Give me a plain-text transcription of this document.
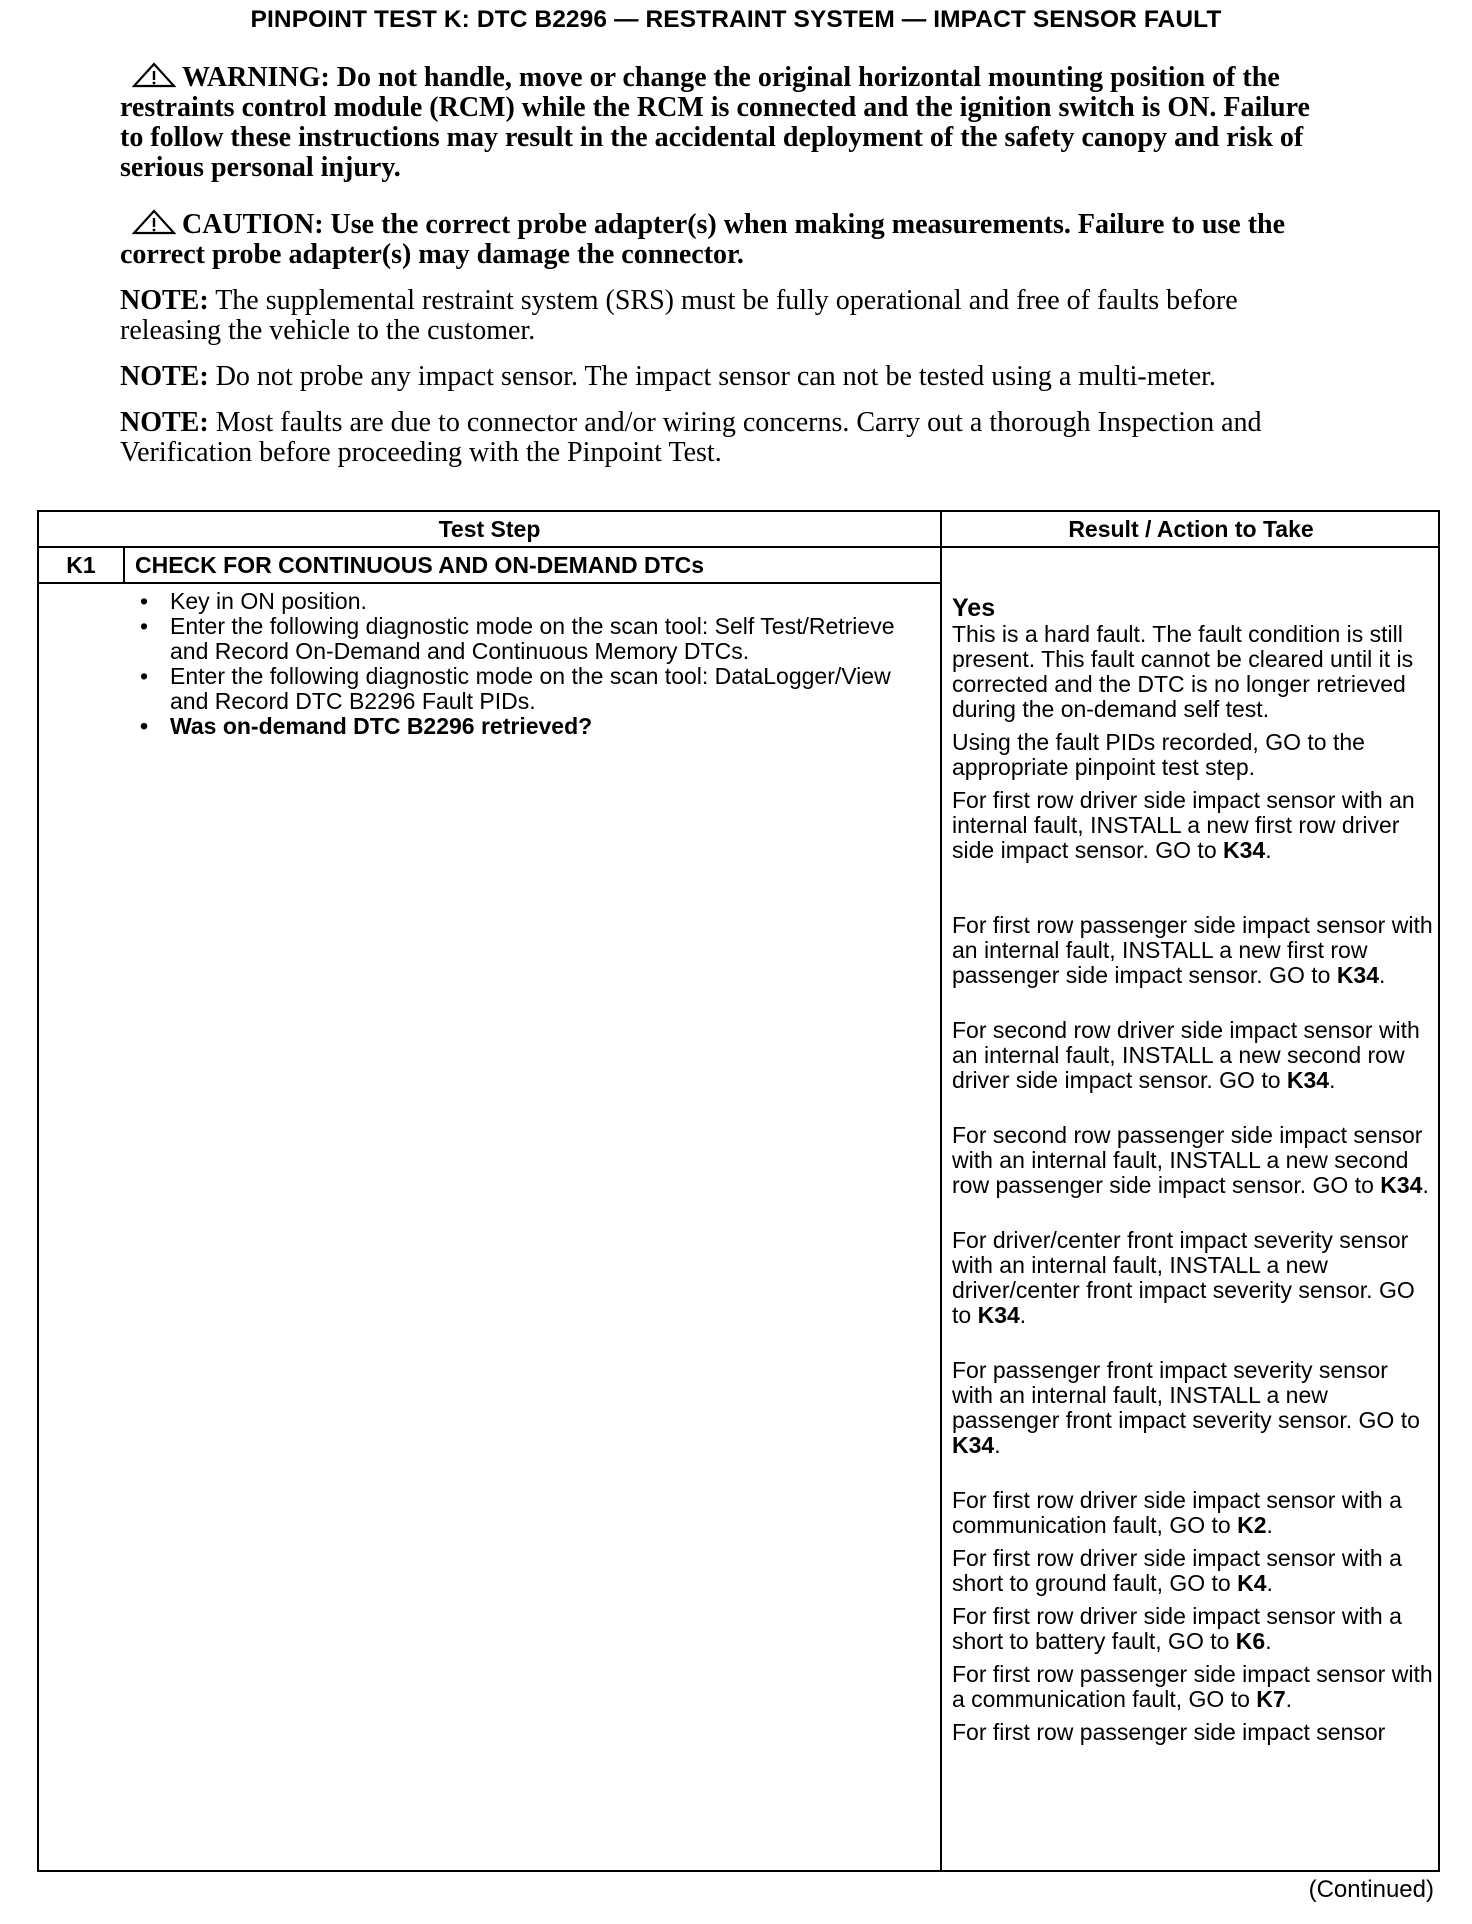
PINPOINT TEST K: DTC B2296 — RESTRAINT SYSTEM — IMPACT SENSOR FAULT

WARNING: Do not handle, move or change the original horizontal mounting position of the restraints control module (RCM) while the RCM is connected and the ignition switch is ON. Failure to follow these instructions may result in the accidental deployment of the safety canopy and risk of serious personal injury.

CAUTION: Use the correct probe adapter(s) when making measurements. Failure to use the correct probe adapter(s) may damage the connector.

NOTE: The supplemental restraint system (SRS) must be fully operational and free of faults before releasing the vehicle to the customer.

NOTE: Do not probe any impact sensor. The impact sensor can not be tested using a multi-meter.

NOTE: Most faults are due to connector and/or wiring concerns. Carry out a thorough Inspection and Verification before proceeding with the Pinpoint Test.

Test Step	Result / Action to Take
K1	CHECK FOR CONTINUOUS AND ON-DEMAND DTCs
• Key in ON position.
• Enter the following diagnostic mode on the scan tool: Self Test/Retrieve and Record On-Demand and Continuous Memory DTCs.
• Enter the following diagnostic mode on the scan tool: DataLogger/View and Record DTC B2296 Fault PIDs.
• Was on-demand DTC B2296 retrieved?

Yes

This is a hard fault. The fault condition is still present. This fault cannot be cleared until it is corrected and the DTC is no longer retrieved during the on-demand self test.

Using the fault PIDs recorded, GO to the appropriate pinpoint test step.

For first row driver side impact sensor with an internal fault, INSTALL a new first row driver side impact sensor. GO to K34.

For first row passenger side impact sensor with an internal fault, INSTALL a new first row passenger side impact sensor. GO to K34.

For second row driver side impact sensor with an internal fault, INSTALL a new second row driver side impact sensor. GO to K34.

For second row passenger side impact sensor with an internal fault, INSTALL a new second row passenger side impact sensor. GO to K34.

For driver/center front impact severity sensor with an internal fault, INSTALL a new driver/center front impact severity sensor. GO to K34.

For passenger front impact severity sensor with an internal fault, INSTALL a new passenger front impact severity sensor. GO to K34.

For first row driver side impact sensor with a communication fault, GO to K2.

For first row driver side impact sensor with a short to ground fault, GO to K4.

For first row driver side impact sensor with a short to battery fault, GO to K6.

For first row passenger side impact sensor with a communication fault, GO to K7.

For first row passenger side impact sensor

(Continued)
